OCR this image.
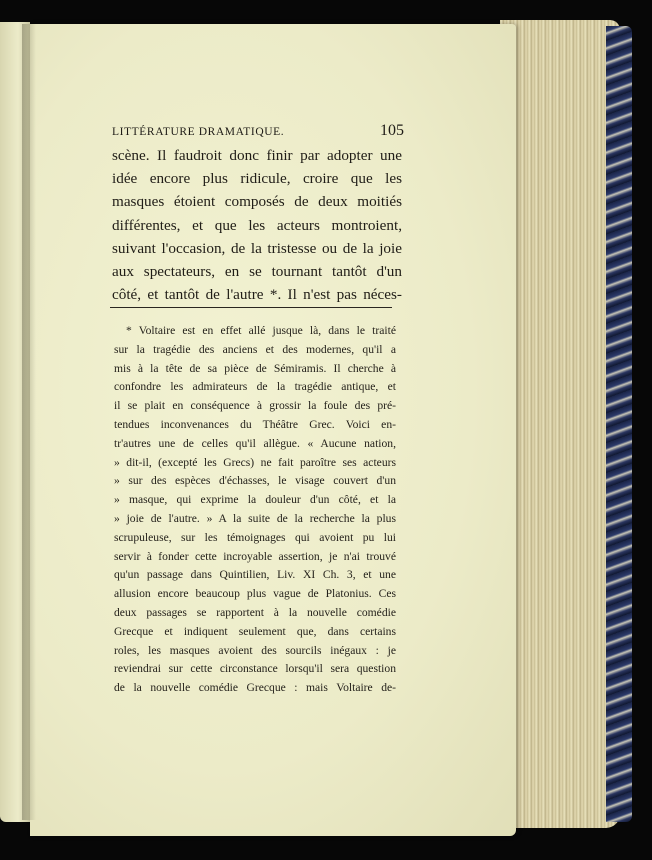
LITTÉRATURE DRAMATIQUE.	105
scène. Il faudroit donc finir par adopter une
idée encore plus ridicule, croire que les
masques étoient composés de deux moitiés
différentes, et que les acteurs montroient,
suivant l'occasion, de la tristesse ou de la joie
aux spectateurs, en se tournant tantôt d'un
côté, et tantôt de l'autre *. Il n'est pas néces-
* Voltaire est en effet allé jusque là, dans le traité
sur la tragédie des anciens et des modernes, qu'il a
mis à la tête de sa pièce de Sémiramis. Il cherche à
confondre les admirateurs de la tragédie antique, et
il se plait en conséquence à grossir la foule des pré-
tendues inconvenances du Théâtre Grec. Voici en-
tr'autres une de celles qu'il allègue. « Aucune nation,
» dit-il, (excepté les Grecs) ne fait paroître ses acteurs
» sur des espèces d'échasses, le visage couvert d'un
» masque, qui exprime la douleur d'un côté, et la
» joie de l'autre. » A la suite de la recherche la plus
scrupuleuse, sur les témoignages qui avoient pu lui
servir à fonder cette incroyable assertion, je n'ai trouvé
qu'un passage dans Quintilien, Liv. XI Ch. 3, et une
allusion encore beaucoup plus vague de Platonius. Ces
deux passages se rapportent à la nouvelle comédie
Grecque et indiquent seulement que, dans certains
roles, les masques avoient des sourcils inégaux : je
reviendrai sur cette circonstance lorsqu'il sera question
de la nouvelle comédie Grecque : mais Voltaire de-
